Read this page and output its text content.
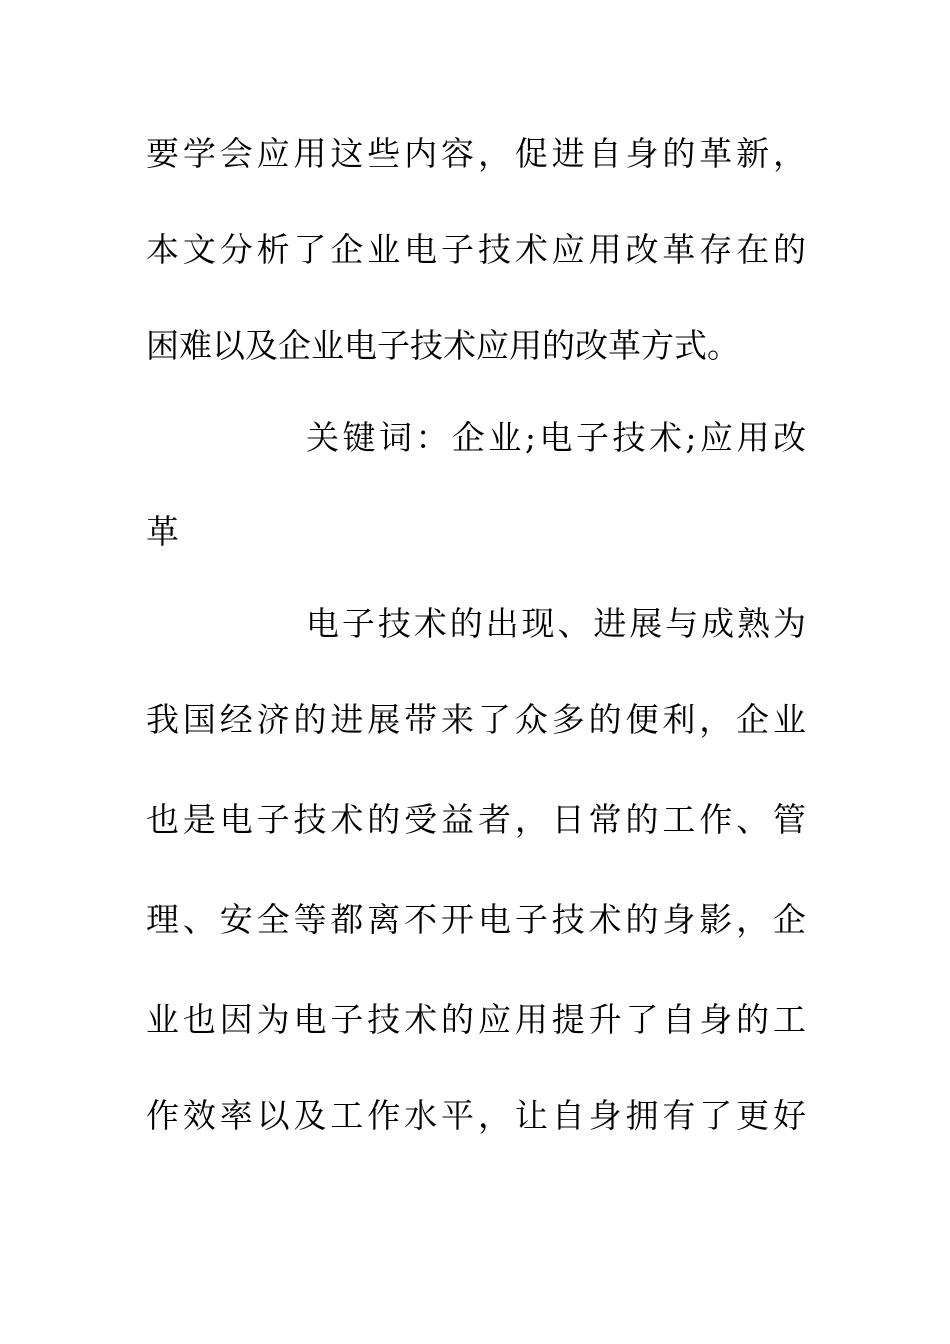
要学会应用这些内容，促进自身的革新，
本文分析了企业电子技术应用改革存在的
困难以及企业电子技术应用的改革方式。
关键词：企业;电子技术;应用改
革
电子技术的出现、进展与成熟为
我国经济的进展带来了众多的便利，企业
也是电子技术的受益者，日常的工作、管
理、安全等都离不开电子技术的身影，企
业也因为电子技术的应用提升了自身的工
作效率以及工作水平，让自身拥有了更好
